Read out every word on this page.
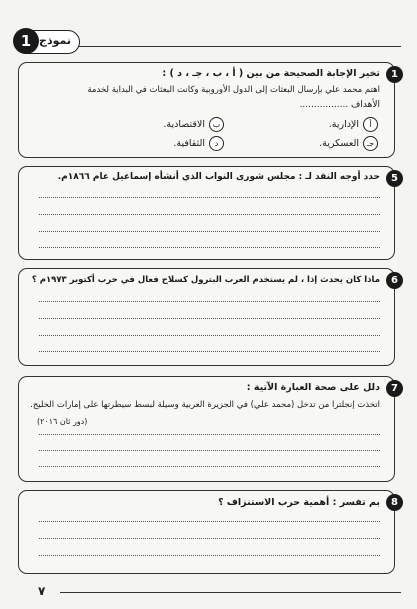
1 نموذج
1
تخير الإجابة الصحيحة من بين ( أ ، ب ، جـ ، د ) :
اهتم محمد علي بإرسال البعثات إلى الدول الأوروبية وكانت البعثات في البداية لخدمة
الأهداف .................
أ
الإدارية.
ب
الاقتصادية.
جـ
العسكرية.
د
الثقافية.
5
حدد أوجه النقد لـ : مجلس شورى النواب الذي أنشأه إسماعيل عام ١٨٦٦م.
6
ماذا كان يحدث إذا ، لم يستخدم العرب البترول كسلاح فعال في حرب أكتوبر ١٩٧٣م ؟
7
دلل على صحة العبارة الآتية :
اتخذت إنجلترا من تدخل (محمد علي) في الجزيرة العربية وسيلة لبسط سيطرتها على إمارات الخليج.
(دور ثان ٢٠١٦)
8
بم تفسر : أهمية حرب الاستنزاف ؟
٧
